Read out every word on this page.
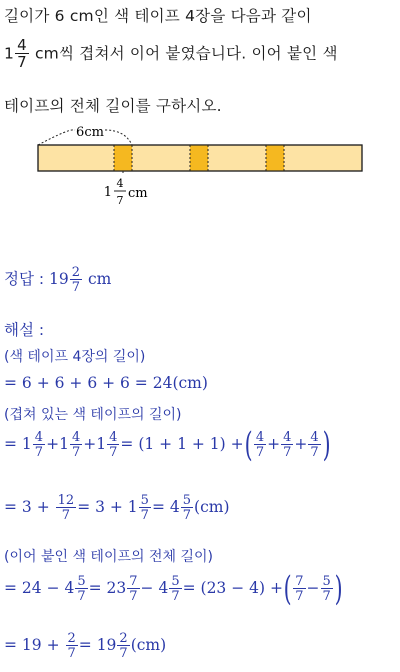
길이가 6 cm인 색 테이프 4장을 다음과 같이
$1 \frac{4}{7}$ cm씩 겹쳐서 이어 붙였습니다. 이어 붙인 색
테이프의 전체 길이를 구하시오.
6cm
1
4
7 cm
정답 : $19 \frac{2}{7}$ cm
해설 :
(색 테이프 4장의 길이)
= 6 + 6 + 6 + 6 = 24(cm)
(겹쳐 있는 색 테이프의 길이)
= $1 \frac{4}{7} +1 \frac{4}{7} +1 \frac{4}{7} = (1 + 1 + 1)$ +( $\frac{4}{7} + \frac{4}{7} + \frac{4}{7}$ )
= $3 + \frac{12}{7} = 3 + 1 \frac{5}{7} = 4 \frac{5}{7} (cm)$
(이어 붙인 색 테이프의 전체 길이)
= $24 - 4 \frac{5}{7} = 23 \frac{7}{7} - 4 \frac{5}{7} = (23 - 4)$ +( $\frac{7}{7} - \frac{5}{7}$ )
= $19 + \frac{2}{7} = 19 \frac{2}{7} (cm)$
